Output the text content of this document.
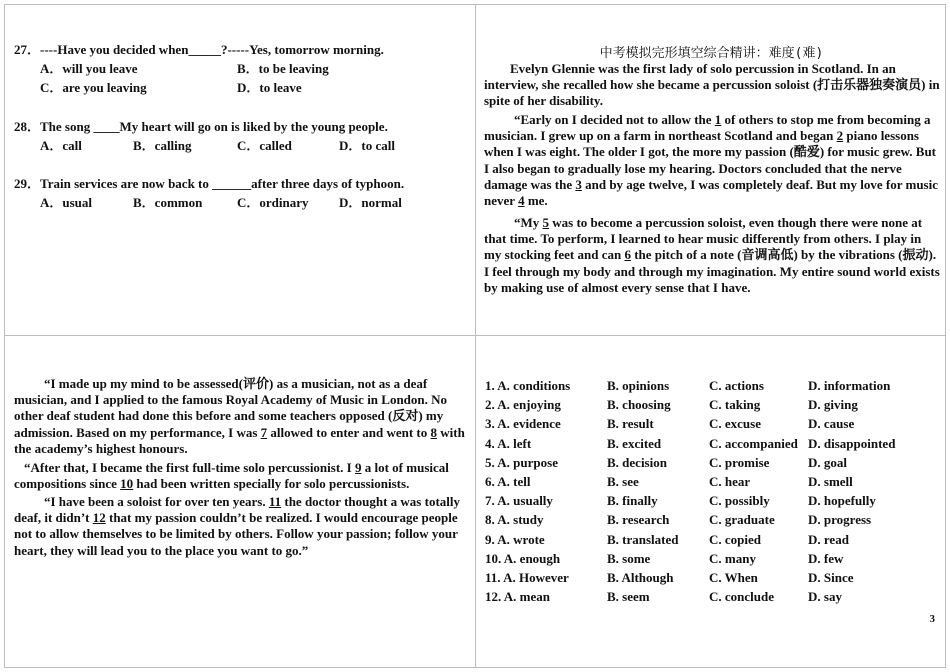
27．----Have you decided when_____?-----Yes, tomorrow morning.
A．will you leave	B．to be leaving
C．are you leaving	D．to leave
28．The song ____My heart will go on is liked by the young people.
A．call	B．calling	C．called	D．to call
29．Train services are now back to ______after three days of typhoon.
A．usual	B．common	C．ordinary D．normal
中考模拟完形填空综合精讲：难度(难)
Evelyn Glennie was the first lady of solo percussion in Scotland. In an interview, she recalled how she became a percussion soloist (打击乐器独奏演员) in spite of her disability.
“Early on I decided not to allow the 1 of others to stop me from becoming a musician. I grew up on a farm in northeast Scotland and began 2 piano lessons when I was eight. The older I got, the more my passion (酷爱) for music grew. But I also began to gradually lose my hearing. Doctors concluded that the nerve damage was the 3 and by age twelve, I was completely deaf. But my love for music never 4 me.
“My 5 was to become a percussion soloist, even though there were none at that time. To perform, I learned to hear music differently from others. I play in my stocking feet and can 6 the pitch of a note (音调高低) by the vibrations (振动). I feel through my body and through my imagination. My entire sound world exists by making use of almost every sense that I have.
“I made up my mind to be assessed(评价) as a musician, not as a deaf musician, and I applied to the famous Royal Academy of Music in London. No other deaf student had done this before and some teachers opposed (反对) my admission. Based on my performance, I was 7 allowed to enter and went to 8 with the academy’s highest honours.
“After that, I became the first full-time solo percussionist. I 9 a lot of musical compositions since 10 had been written specially for solo percussionists.
“I have been a soloist for over ten years. 11 the doctor thought a was totally deaf, it didn’t 12 that my passion couldn’t be realized. I would encourage people not to allow themselves to be limited by others. Follow your passion; follow your heart, they will lead you to the place you want to go.”
1. A. conditions	B. opinions	C. actions	D. information
2. A. enjoying	B. choosing	C. taking	D. giving
3. A. evidence	B. result	C. excuse	D. cause
4. A. left	B. excited	C. accompanied	D. disappointed
5. A. purpose	B. decision	C. promise	D. goal
6. A. tell	B. see	C. hear	D. smell
7. A. usually	B. finally	C. possibly	D. hopefully
8. A. study	B. research	C. graduate	D. progress
9. A. wrote	B. translated	C. copied	D. read
10. A. enough	B. some	C. many	D. few
11. A. However	B. Although	C. When	D. Since
12. A. mean	B. seem	C. conclude	D. say
3
